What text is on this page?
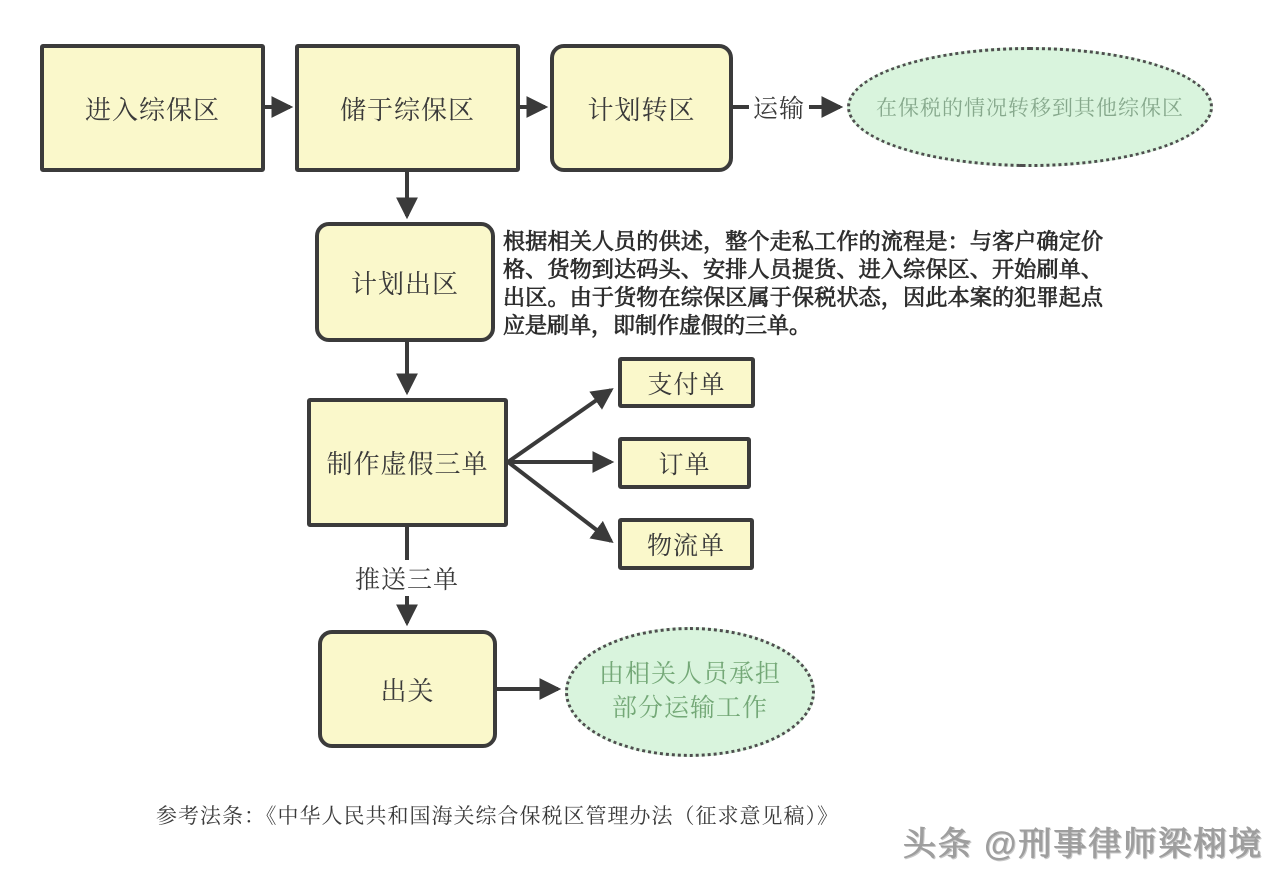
进入综保区	储于综保区	计划转区	在保税的情况转移到其他综保区
运输
计划出区
根据相关人员的供述，整个走私工作的流程是：与客户确定价格、货物到达码头、安排人员提货、进入综保区、开始刷单、出区。由于货物在综保区属于保税状态，因此本案的犯罪起点应是刷单，即制作虚假的三单。
制作虚假三单
支付单
订单
物流单
推送三单
出关
由相关人员承担
部分运输工作
参考法条：《中华人民共和国海关综合保税区管理办法（征求意见稿）》
头条 @刑事律师梁栩境
